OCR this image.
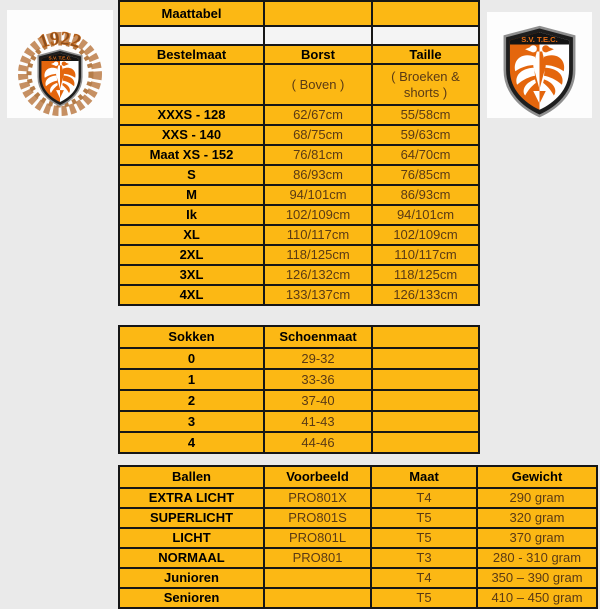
1922
Maattabel		

Bestelmaat	Borst	Taille
	( Boven )	( Broeken & shorts )
XXXS - 128	62/67cm	55/58cm
XXS - 140	68/75cm	59/63cm
Maat XS - 152	76/81cm	64/70cm
S	86/93cm	76/85cm
M	94/101cm	86/93cm
Ik	102/109cm	94/101cm
XL	110/117cm	102/109cm
2XL	118/125cm	110/117cm
3XL	126/132cm	118/125cm
4XL	133/137cm	126/133cm
Sokken	Schoenmaat	
0	29-32	
1	33-36	
2	37-40	
3	41-43	
4	44-46	
Ballen	Voorbeeld	Maat	Gewicht
EXTRA LICHT	PRO801X	T4	290 gram
SUPERLICHT	PRO801S	T5	320 gram
LICHT	PRO801L	T5	370 gram
NORMAAL	PRO801	T3	280 - 310 gram
Junioren		T4	350 – 390 gram
Senioren		T5	410 – 450 gram
